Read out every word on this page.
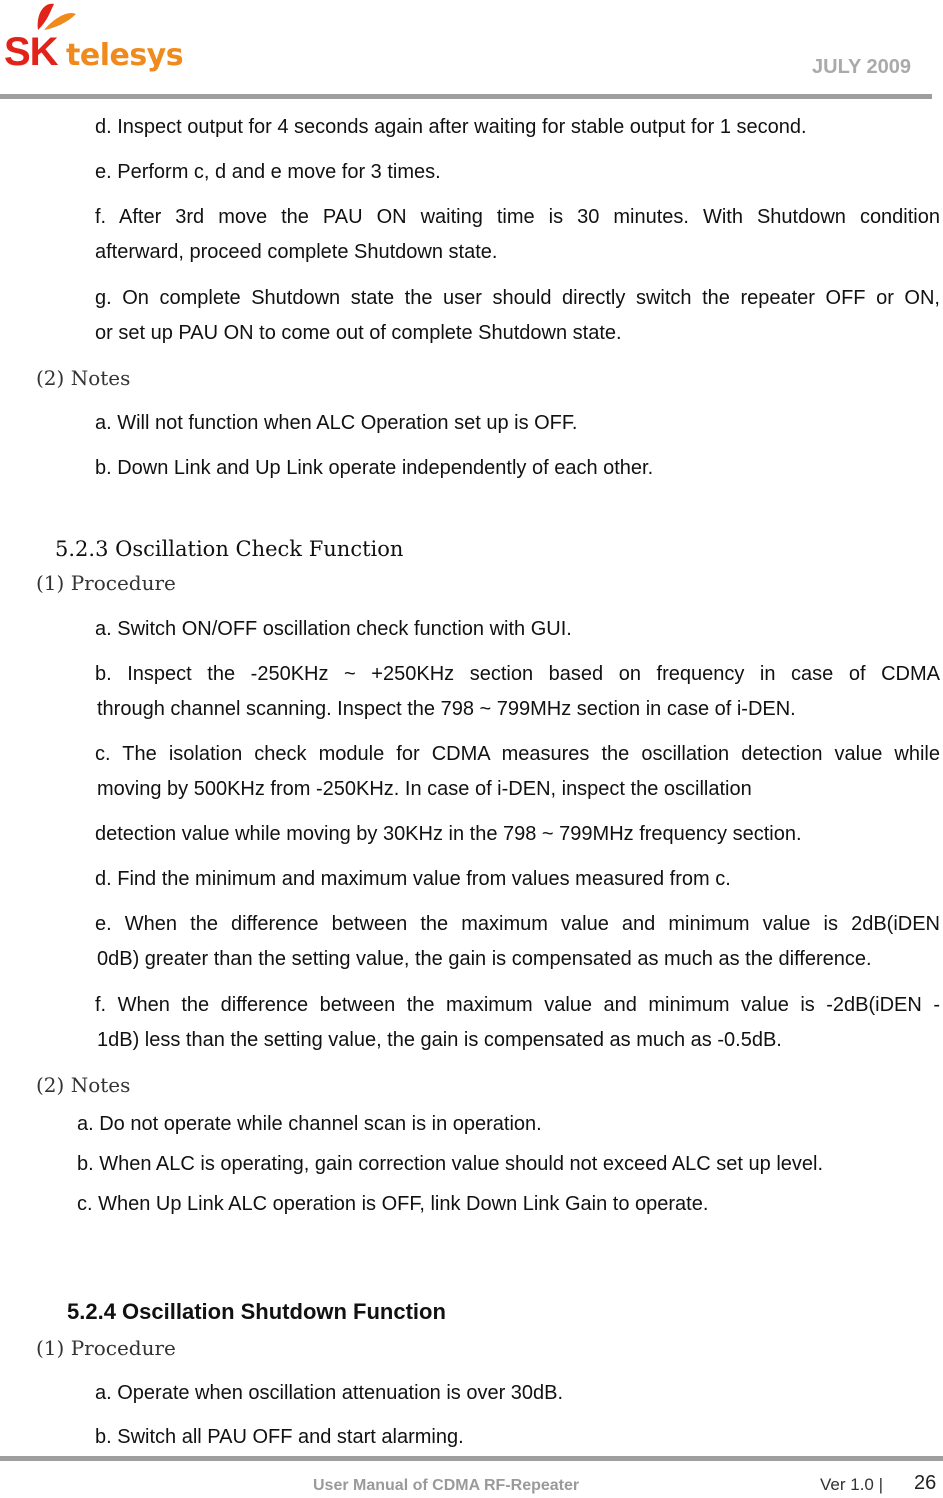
SK telesys	JULY 2009
d. Inspect output for 4 seconds again after waiting for stable output for 1 second.
e. Perform c, d and e move for 3 times.
f. After 3rd move the PAU ON waiting time is 30 minutes. With Shutdown condition
afterward, proceed complete Shutdown state.
g. On complete Shutdown state the user should directly switch the repeater OFF or ON,
or set up PAU ON to come out of complete Shutdown state.
(2) Notes
a. Will not function when ALC Operation set up is OFF.
b. Down Link and Up Link operate independently of each other.
5.2.3 Oscillation Check Function
(1) Procedure
a. Switch ON/OFF oscillation check function with GUI.
b. Inspect the -250KHz ~ +250KHz section based on frequency in case of CDMA
through channel scanning. Inspect the 798 ~ 799MHz section in case of i-DEN.
c. The isolation check module for CDMA measures the oscillation detection value while
moving by 500KHz from -250KHz. In case of i-DEN, inspect the oscillation
detection value while moving by 30KHz in the 798 ~ 799MHz frequency section.
d. Find the minimum and maximum value from values measured from c.
e. When the difference between the maximum value and minimum value is 2dB(iDEN
0dB) greater than the setting value, the gain is compensated as much as the difference.
f. When the difference between the maximum value and minimum value is -2dB(iDEN -
1dB) less than the setting value, the gain is compensated as much as -0.5dB.
(2) Notes
a. Do not operate while channel scan is in operation.
b. When ALC is operating, gain correction value should not exceed ALC set up level.
c. When Up Link ALC operation is OFF, link Down Link Gain to operate.
5.2.4 Oscillation Shutdown Function
(1) Procedure
a. Operate when oscillation attenuation is over 30dB.
b. Switch all PAU OFF and start alarming.
User Manual of CDMA RF-Repeater	Ver 1.0 | 26
